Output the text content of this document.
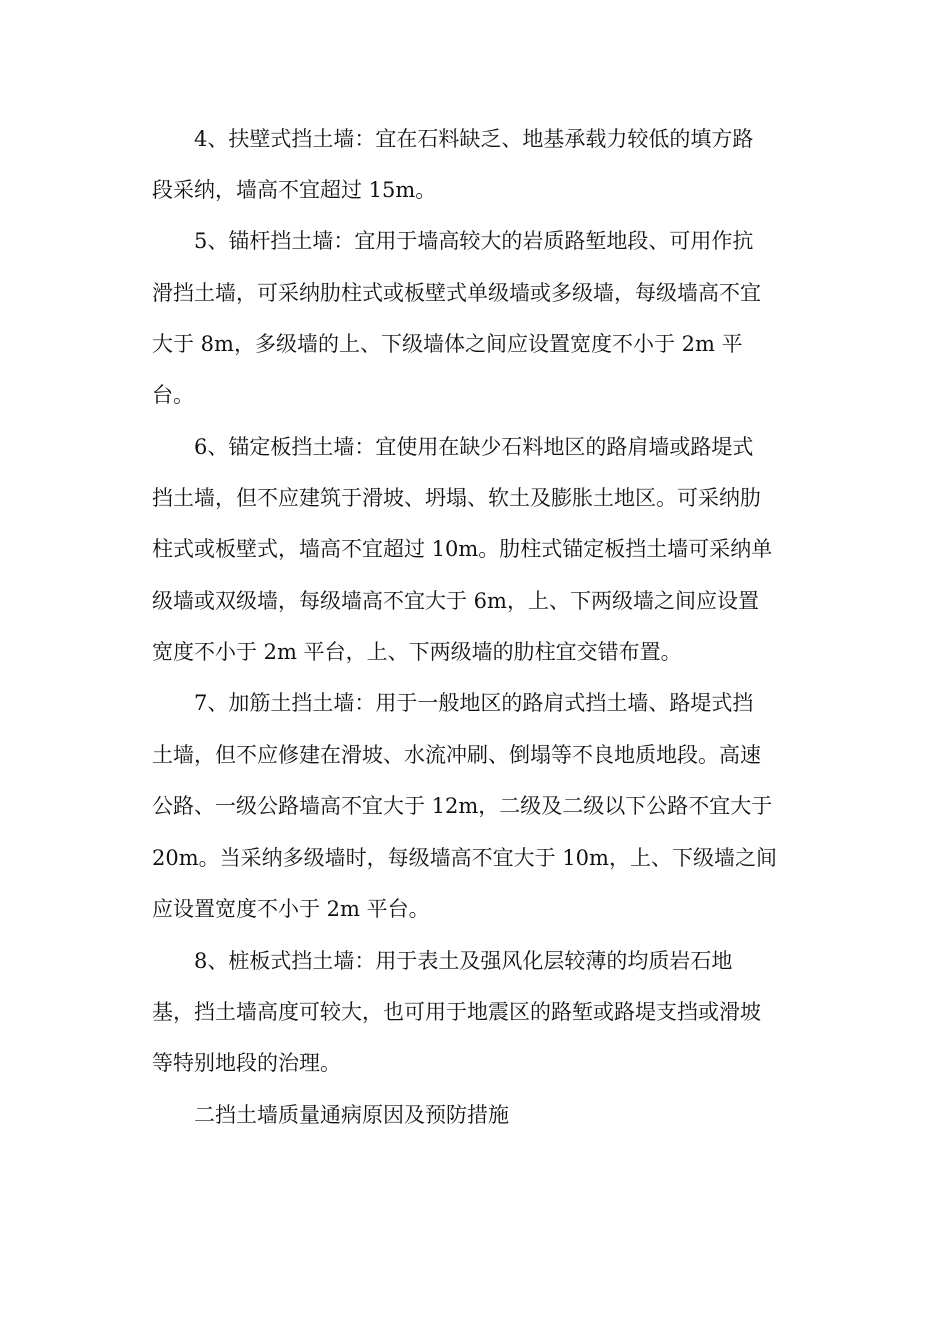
4、扶壁式挡土墙：宜在石料缺乏、地基承载力较低的填方路
段采纳，墙高不宜超过 15m。
5、锚杆挡土墙：宜用于墙高较大的岩质路堑地段、可用作抗
滑挡土墙，可采纳肋柱式或板壁式单级墙或多级墙，每级墙高不宜
大于 8m，多级墙的上、下级墙体之间应设置宽度不小于 2m 平
台。
6、锚定板挡土墙：宜使用在缺少石料地区的路肩墙或路堤式
挡土墙，但不应建筑于滑坡、坍塌、软土及膨胀土地区。可采纳肋
柱式或板壁式，墙高不宜超过 10m。肋柱式锚定板挡土墙可采纳单
级墙或双级墙，每级墙高不宜大于 6m，上、下两级墙之间应设置
宽度不小于 2m 平台，上、下两级墙的肋柱宜交错布置。
7、加筋土挡土墙：用于一般地区的路肩式挡土墙、路堤式挡
土墙，但不应修建在滑坡、水流冲刷、倒塌等不良地质地段。高速
公路、一级公路墙高不宜大于 12m，二级及二级以下公路不宜大于
20m。当采纳多级墙时，每级墙高不宜大于 10m，上、下级墙之间
应设置宽度不小于 2m 平台。
8、桩板式挡土墙：用于表土及强风化层较薄的均质岩石地
基，挡土墙高度可较大，也可用于地震区的路堑或路堤支挡或滑坡
等特别地段的治理。
二挡土墙质量通病原因及预防措施
